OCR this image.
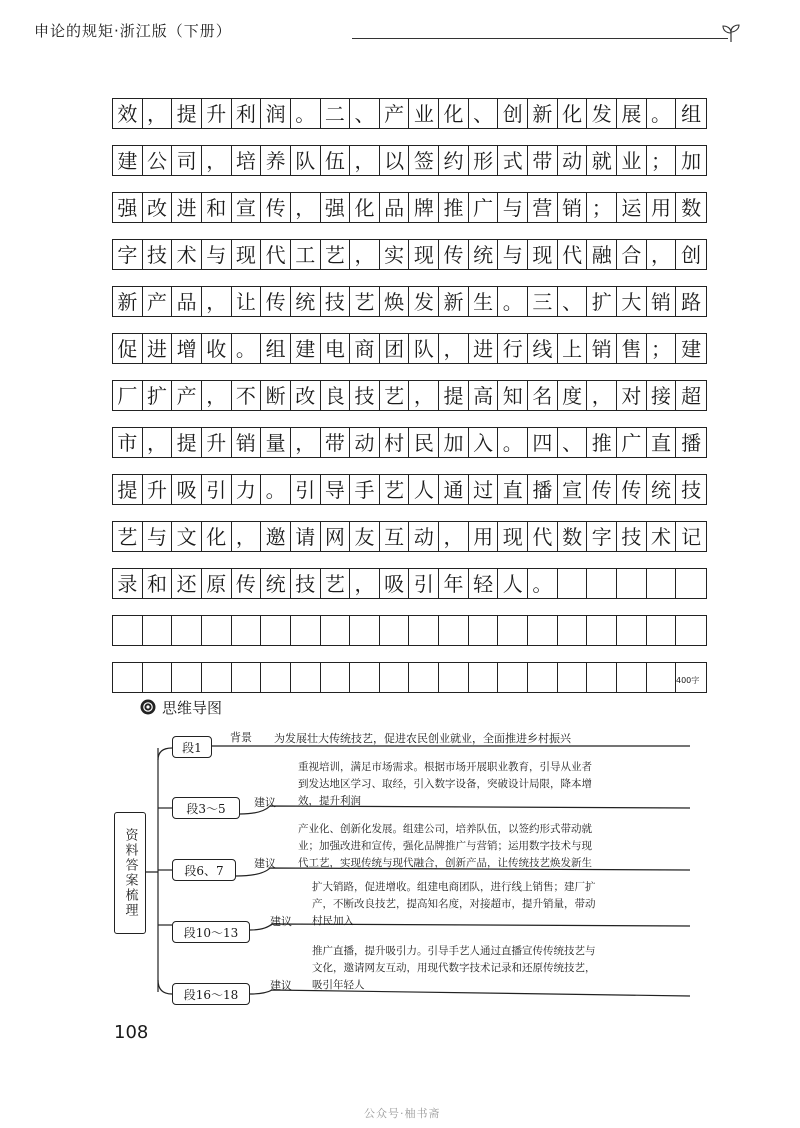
申论的规矩·浙江版（下册）
效 ， 提 升 利 润 。 二 、 产 业 化 、 创 新 化 发 展 。 组
建 公 司 ， 培 养 队 伍 ， 以 签 约 形 式 带 动 就 业 ； 加
强 改 进 和 宣 传 ， 强 化 品 牌 推 广 与 营 销 ； 运 用 数
字 技 术 与 现 代 工 艺 ， 实 现 传 统 与 现 代 融 合 ， 创
新 产 品 ， 让 传 统 技 艺 焕 发 新 生 。 三 、 扩 大 销 路
促 进 增 收 。 组 建 电 商 团 队 ， 进 行 线 上 销 售 ； 建
厂 扩 产 ， 不 断 改 良 技 艺 ， 提 高 知 名 度 ， 对 接 超
市 ， 提 升 销 量 ， 带 动 村 民 加 入 。 四 、 推 广 直 播
提 升 吸 引 力 。 引 导 手 艺 人 通 过 直 播 宣 传 传 统 技
艺 与 文 化 ， 邀 请 网 友 互 动 ， 用 现 代 数 字 技 术 记
录 和 还 原 传 统 技 艺 ， 吸 引 年 轻 人 。
400字
思维导图
资料答案梳理
段1
背景 为发展壮大传统技艺，促进农民创业就业，全面推进乡村振兴
段3～5	建议
重视培训，满足市场需求。根据市场开展职业教育，引导从业者
到发达地区学习、取经，引入数字设备，突破设计局限，降本增
效，提升利润
段6、7	建议
产业化、创新化发展。组建公司，培养队伍，以签约形式带动就
业；加强改进和宣传，强化品牌推广与营销；运用数字技术与现
代工艺，实现传统与现代融合，创新产品，让传统技艺焕发新生
段10～13
建议
扩大销路，促进增收。组建电商团队，进行线上销售；建厂扩
产，不断改良技艺，提高知名度，对接超市，提升销量，带动
村民加入
段16～18
建议
推广直播，提升吸引力。引导手艺人通过直播宣传传统技艺与
文化，邀请网友互动，用现代数字技术记录和还原传统技艺，
吸引年轻人
108
公众号·柚书斋
